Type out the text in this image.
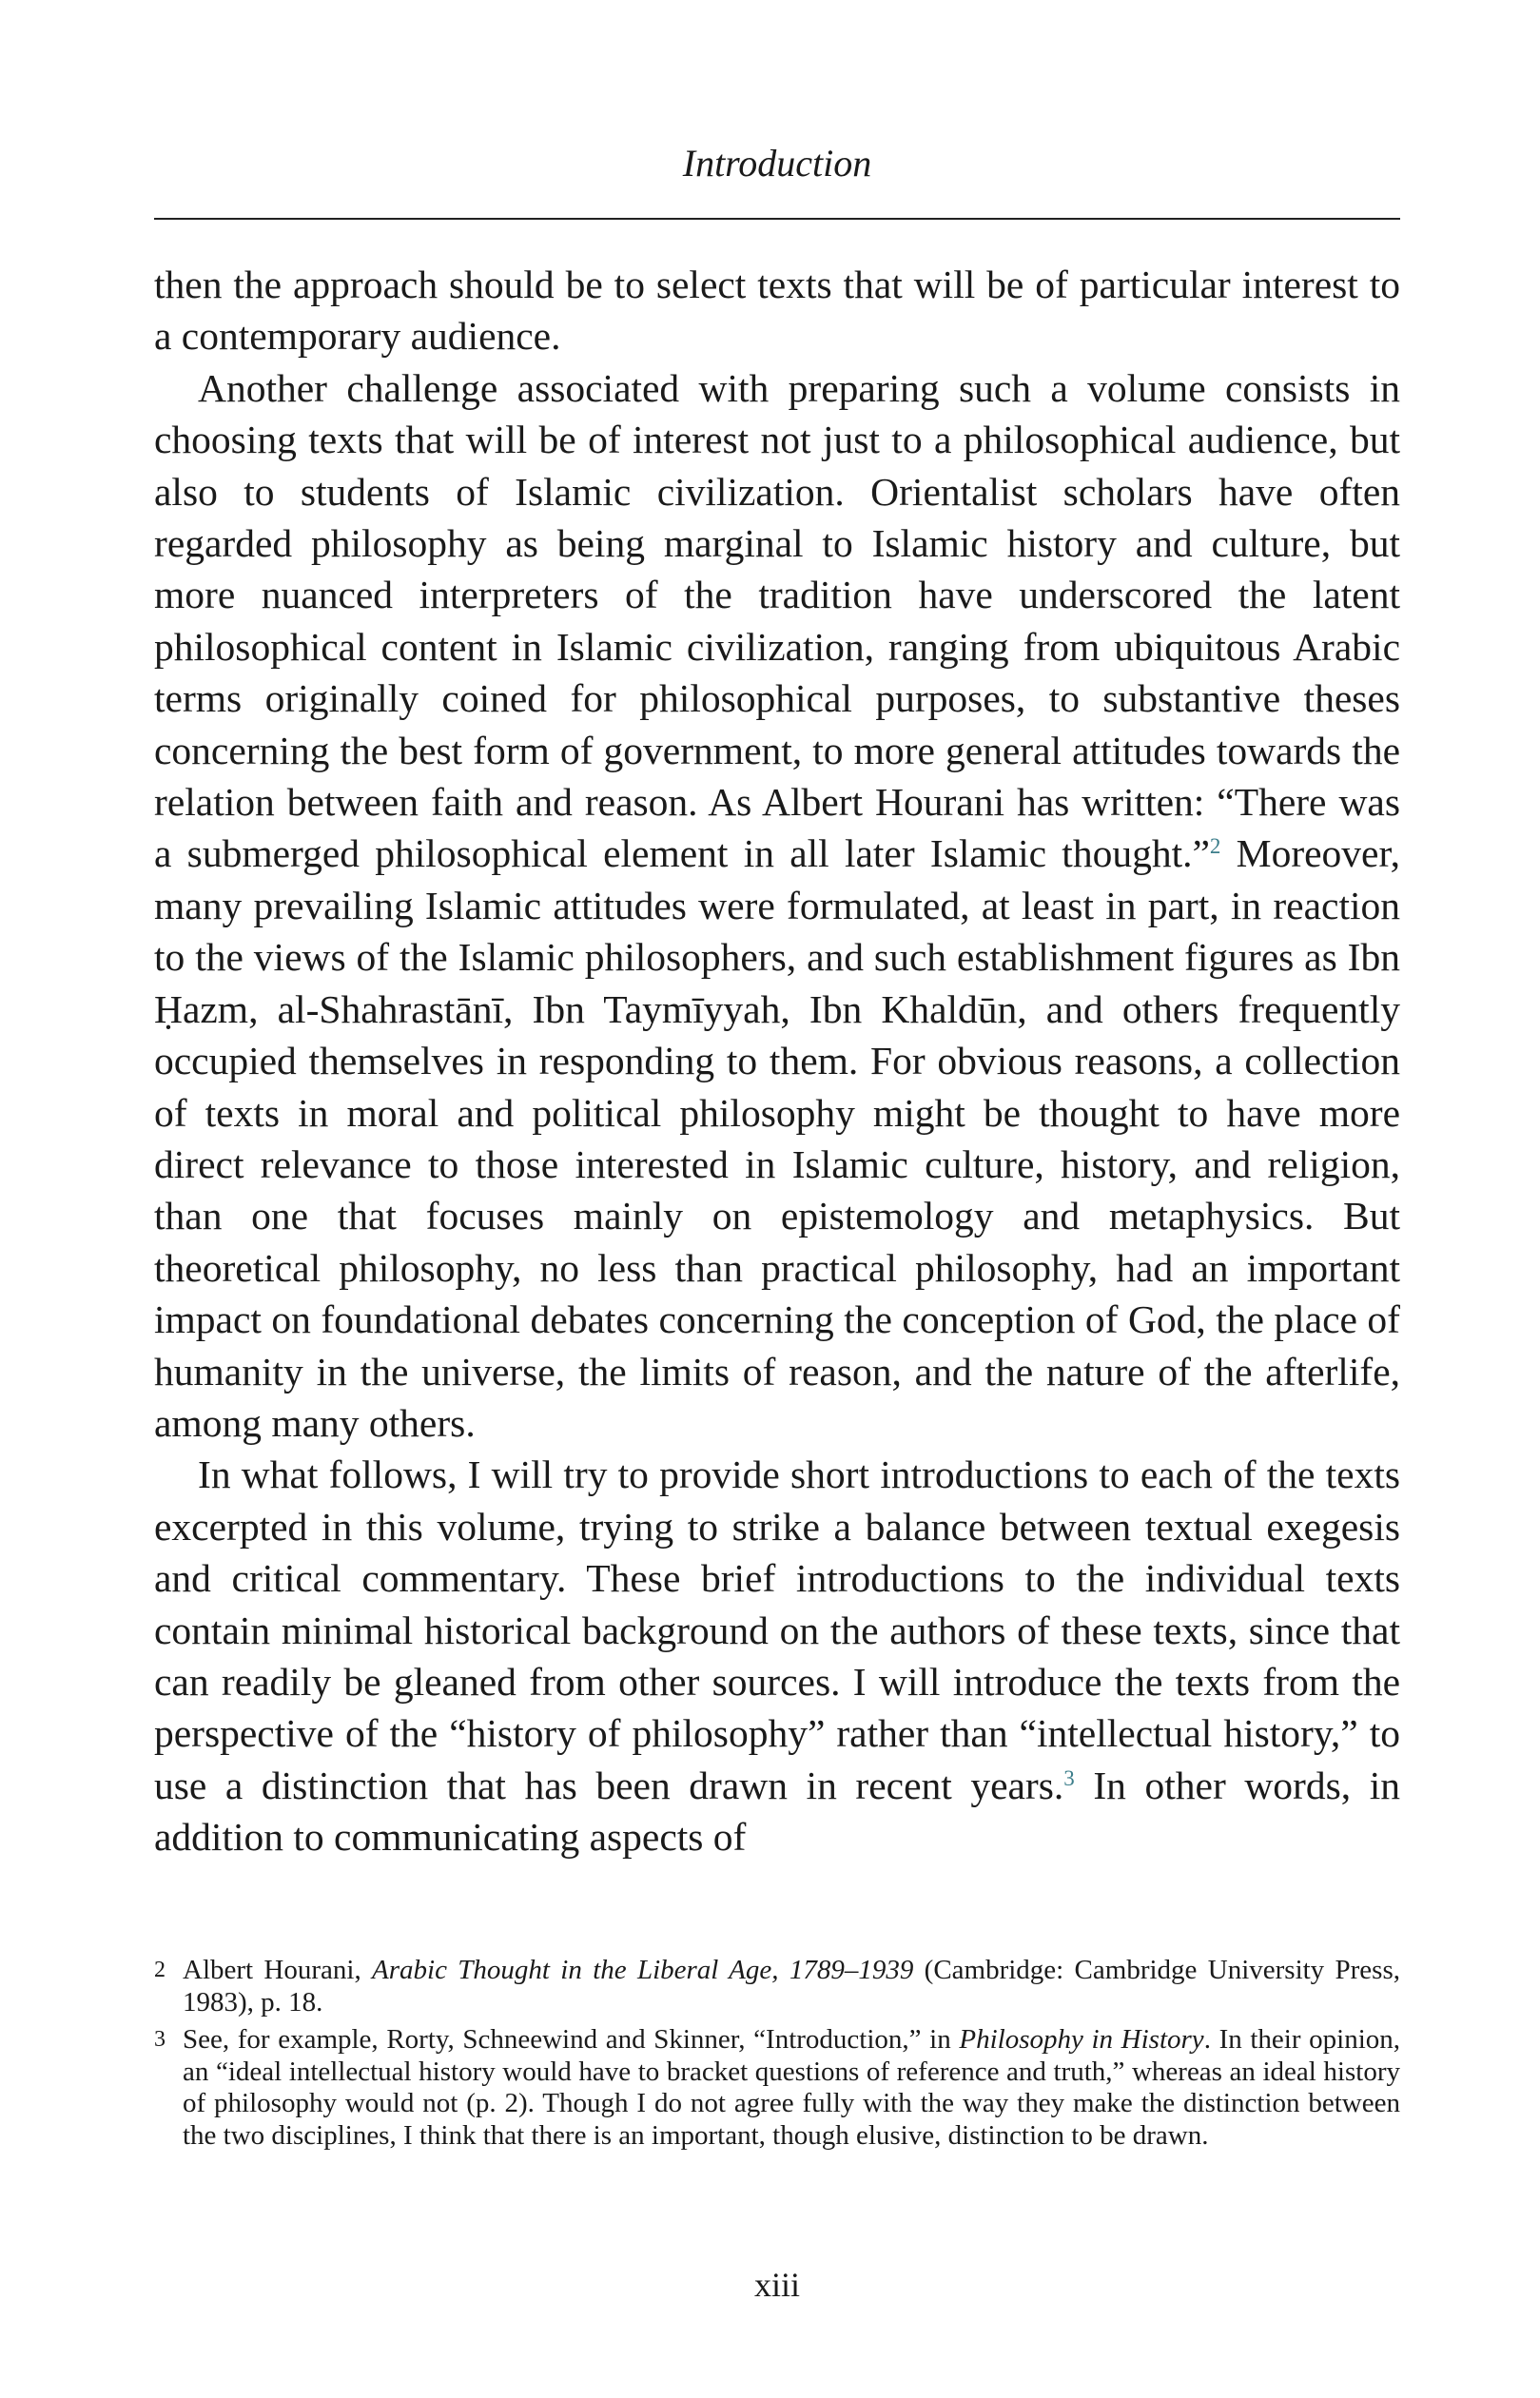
Introduction

then the approach should be to select texts that will be of particular interest to a contemporary audience.

Another challenge associated with preparing such a volume consists in choosing texts that will be of interest not just to a philosophical audience, but also to students of Islamic civilization. Orientalist scholars have often regarded philosophy as being marginal to Islamic history and culture, but more nuanced interpreters of the tradition have underscored the latent philosophical content in Islamic civilization, ranging from ubiquitous Arabic terms originally coined for philosophical purposes, to substantive theses concerning the best form of government, to more general attitudes towards the relation between faith and reason. As Albert Hourani has written: “There was a submerged philosophical element in all later Islamic thought.”$^2$ Moreover, many prevailing Islamic attitudes were formulated, at least in part, in reaction to the views of the Islamic philosophers, and such establishment figures as Ibn Ḥazm, al-Shahrastānī, Ibn Taymīyyah, Ibn Khaldūn, and others frequently occupied themselves in responding to them. For obvious reasons, a collection of texts in moral and political philosophy might be thought to have more direct relevance to those interested in Islamic culture, history, and religion, than one that focuses mainly on epistemology and metaphysics. But theoretical philosophy, no less than practical philosophy, had an important impact on foundational debates concerning the conception of God, the place of humanity in the universe, the limits of reason, and the nature of the afterlife, among many others.

In what follows, I will try to provide short introductions to each of the texts excerpted in this volume, trying to strike a balance between textual exegesis and critical commentary. These brief introductions to the individual texts contain minimal historical background on the authors of these texts, since that can readily be gleaned from other sources. I will introduce the texts from the perspective of the “history of philosophy” rather than “intellectual history,” to use a distinction that has been drawn in recent years.$^3$ In other words, in addition to communicating aspects of

2 Albert Hourani, Arabic Thought in the Liberal Age, 1789–1939 (Cambridge: Cambridge University Press, 1983), p. 18.
3 See, for example, Rorty, Schneewind and Skinner, “Introduction,” in Philosophy in History. In their opinion, an “ideal intellectual history would have to bracket questions of reference and truth,” whereas an ideal history of philosophy would not (p. 2). Though I do not agree fully with the way they make the distinction between the two disciplines, I think that there is an important, though elusive, distinction to be drawn.
xiii
